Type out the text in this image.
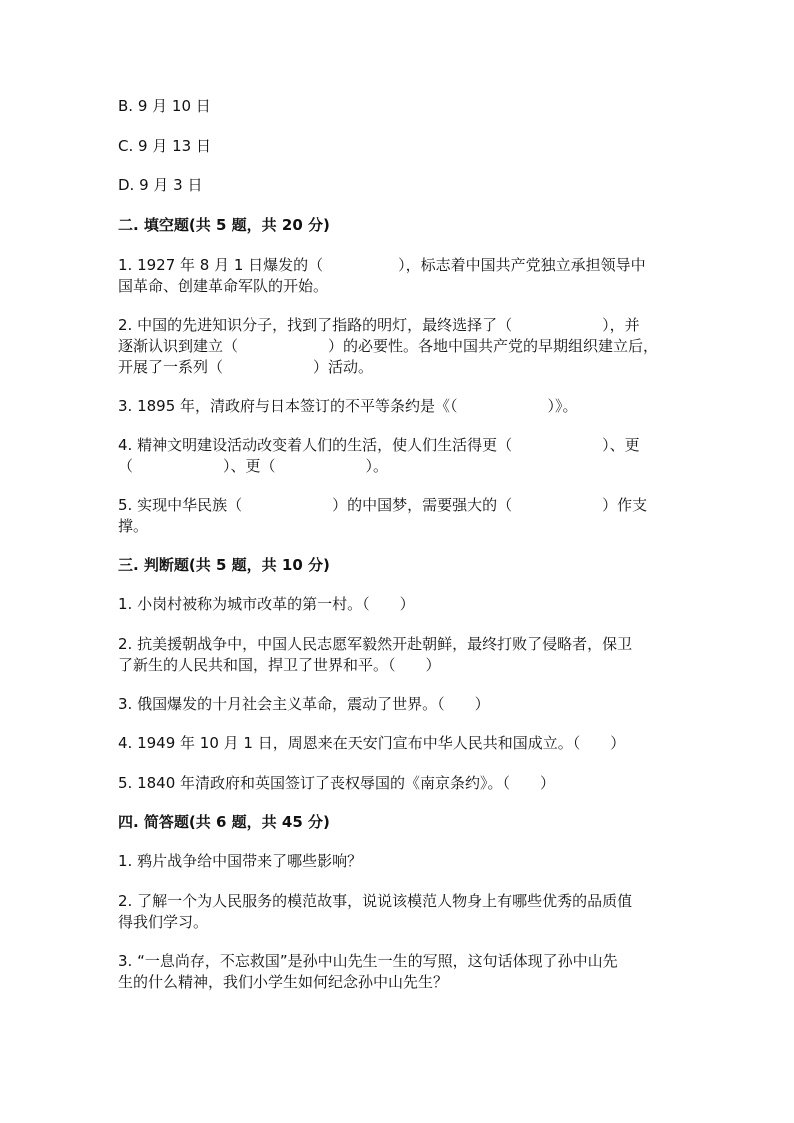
B. 9 月 10 日
C. 9 月 13 日
D. 9 月 3 日
二. 填空题(共 5 题，共 20 分)
1. 1927 年 8 月 1 日爆发的（　　　　　），标志着中国共产党独立承担领导中
国革命、创建革命军队的开始。
2. 中国的先进知识分子，找到了指路的明灯，最终选择了（　　　　　　），并
逐渐认识到建立（　　　　　　）的必要性。各地中国共产党的早期组织建立后，
开展了一系列（　　　　　　）活动。
3. 1895 年，清政府与日本签订的不平等条约是《（　　　　　　）》。
4. 精神文明建设活动改变着人们的生活，使人们生活得更（　　　　　　）、更
（　　　　　　）、更（　　　　　　）。
5. 实现中华民族（　　　　　　）的中国梦，需要强大的（　　　　　　）作支
撑。
三. 判断题(共 5 题，共 10 分)
1. 小岗村被称为城市改革的第一村。（　　）
2. 抗美援朝战争中，中国人民志愿军毅然开赴朝鲜，最终打败了侵略者，保卫
了新生的人民共和国，捍卫了世界和平。（　　）
3. 俄国爆发的十月社会主义革命，震动了世界。（　　）
4. 1949 年 10 月 1 日，周恩来在天安门宣布中华人民共和国成立。（　　）
5. 1840 年清政府和英国签订了丧权辱国的《南京条约》。（　　）
四. 简答题(共 6 题，共 45 分)
1. 鸦片战争给中国带来了哪些影响？
2. 了解一个为人民服务的模范故事，说说该模范人物身上有哪些优秀的品质值
得我们学习。
3. “一息尚存，不忘救国”是孙中山先生一生的写照，这句话体现了孙中山先
生的什么精神，我们小学生如何纪念孙中山先生？
